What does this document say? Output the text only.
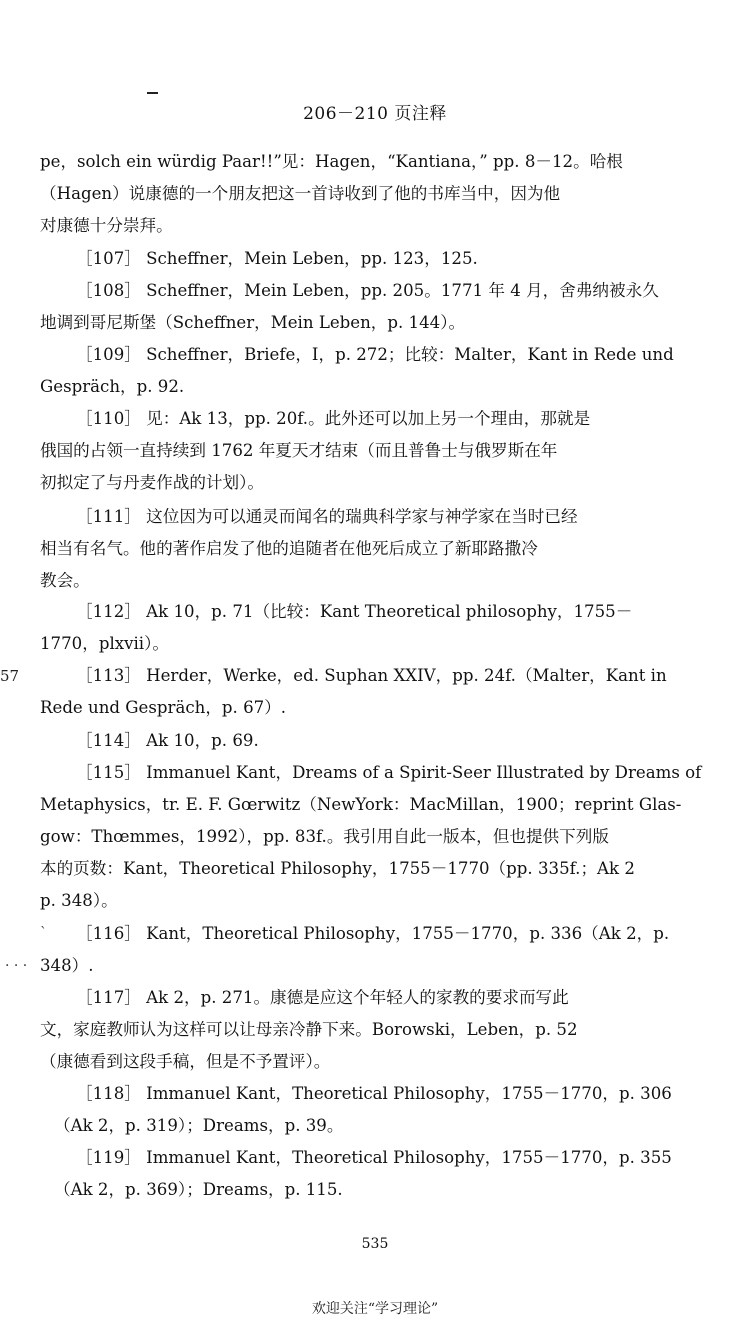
206－210 页注释
57
`
· · ·
pe，solch ein würdig Paar!!”见：Hagen，“Kantiana，” pp. 8－12。哈根
（Hagen）说康德的一个朋友把这一首诗收到了他的书库当中，因为他
对康德十分崇拜。
［107］ Scheffner，Mein Leben，pp. 123，125.
［108］ Scheffner，Mein Leben，pp. 205。1771 年 4 月，舍弗纳被永久
地调到哥尼斯堡（Scheffner，Mein Leben，p. 144）。
［109］ Scheffner，Briefe，I，p. 272；比较：Malter，Kant in Rede und
Gespräch，p. 92.
［110］ 见：Ak 13，pp. 20f.。此外还可以加上另一个理由，那就是
俄国的占领一直持续到 1762 年夏天才结束（而且普鲁士与俄罗斯在年
初拟定了与丹麦作战的计划）。
［111］ 这位因为可以通灵而闻名的瑞典科学家与神学家在当时已经
相当有名气。他的著作启发了他的追随者在他死后成立了新耶路撒冷
教会。
［112］ Ak 10，p. 71（比较：Kant Theoretical philosophy，1755－
1770，plxvii）。
［113］ Herder，Werke，ed. Suphan XXIV，pp. 24f.（Malter，Kant in
Rede und Gespräch，p. 67）.
［114］ Ak 10，p. 69.
［115］ Immanuel Kant，Dreams of a Spirit-Seer Illustrated by Dreams of
Metaphysics，tr. E. F. Gœrwitz（NewYork：MacMillan，1900；reprint Glas-
gow：Thœmmes，1992），pp. 83f.。我引用自此一版本，但也提供下列版
本的页数：Kant，Theoretical Philosophy，1755－1770（pp. 335f.；Ak 2
p. 348）。
［116］ Kant，Theoretical Philosophy，1755－1770，p. 336（Ak 2，p.
348）.
［117］ Ak 2，p. 271。康德是应这个年轻人的家教的要求而写此
文，家庭教师认为这样可以让母亲冷静下来。Borowski，Leben，p. 52
（康德看到这段手稿，但是不予置评）。
［118］ Immanuel Kant，Theoretical Philosophy，1755－1770，p. 306
（Ak 2，p. 319）；Dreams，p. 39。
［119］ Immanuel Kant，Theoretical Philosophy，1755－1770，p. 355
（Ak 2，p. 369）；Dreams，p. 115.
535
欢迎关注“学习理论”
